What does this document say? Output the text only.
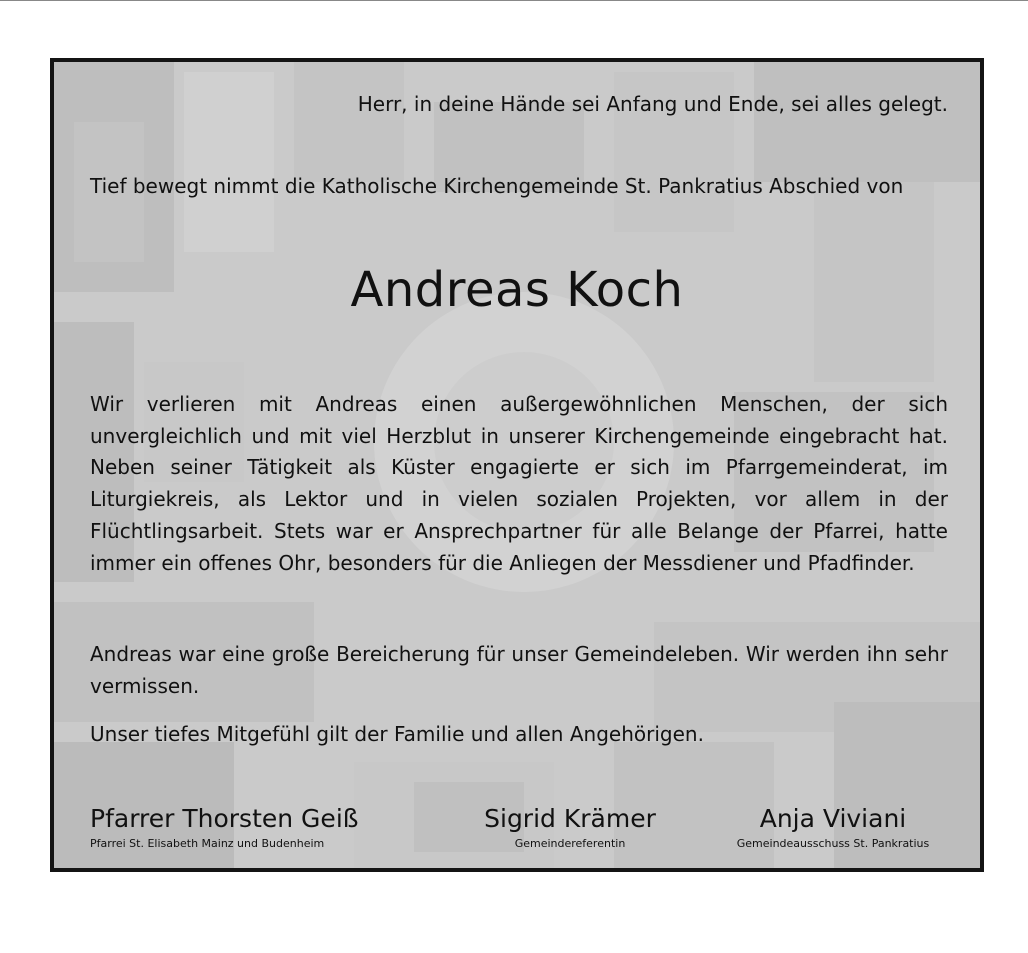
Herr, in deine Hände sei Anfang und Ende, sei alles gelegt.
Tief bewegt nimmt die Katholische Kirchengemeinde St. Pankratius Abschied von
Andreas Koch
Wir verlieren mit Andreas einen außergewöhnlichen Menschen, der sich unvergleichlich und mit viel Herzblut in unserer Kirchengemeinde eingebracht hat. Neben seiner Tätigkeit als Küster engagierte er sich im Pfarrgemeinderat, im Liturgiekreis, als Lektor und in vielen sozialen Projekten, vor allem in der Flüchtlingsarbeit. Stets war er Ansprechpartner für alle Belange der Pfarrei, hatte immer ein offenes Ohr, besonders für die Anliegen der Messdiener und Pfadfinder.
Andreas war eine große Bereicherung für unser Gemeindeleben. Wir werden ihn sehr vermissen.
Unser tiefes Mitgefühl gilt der Familie und allen Angehörigen.
Pfarrer Thorsten Geiß
Pfarrei St. Elisabeth Mainz und Budenheim
Sigrid Krämer
Gemeindereferentin
Anja Viviani
Gemeindeausschuss St. Pankratius
